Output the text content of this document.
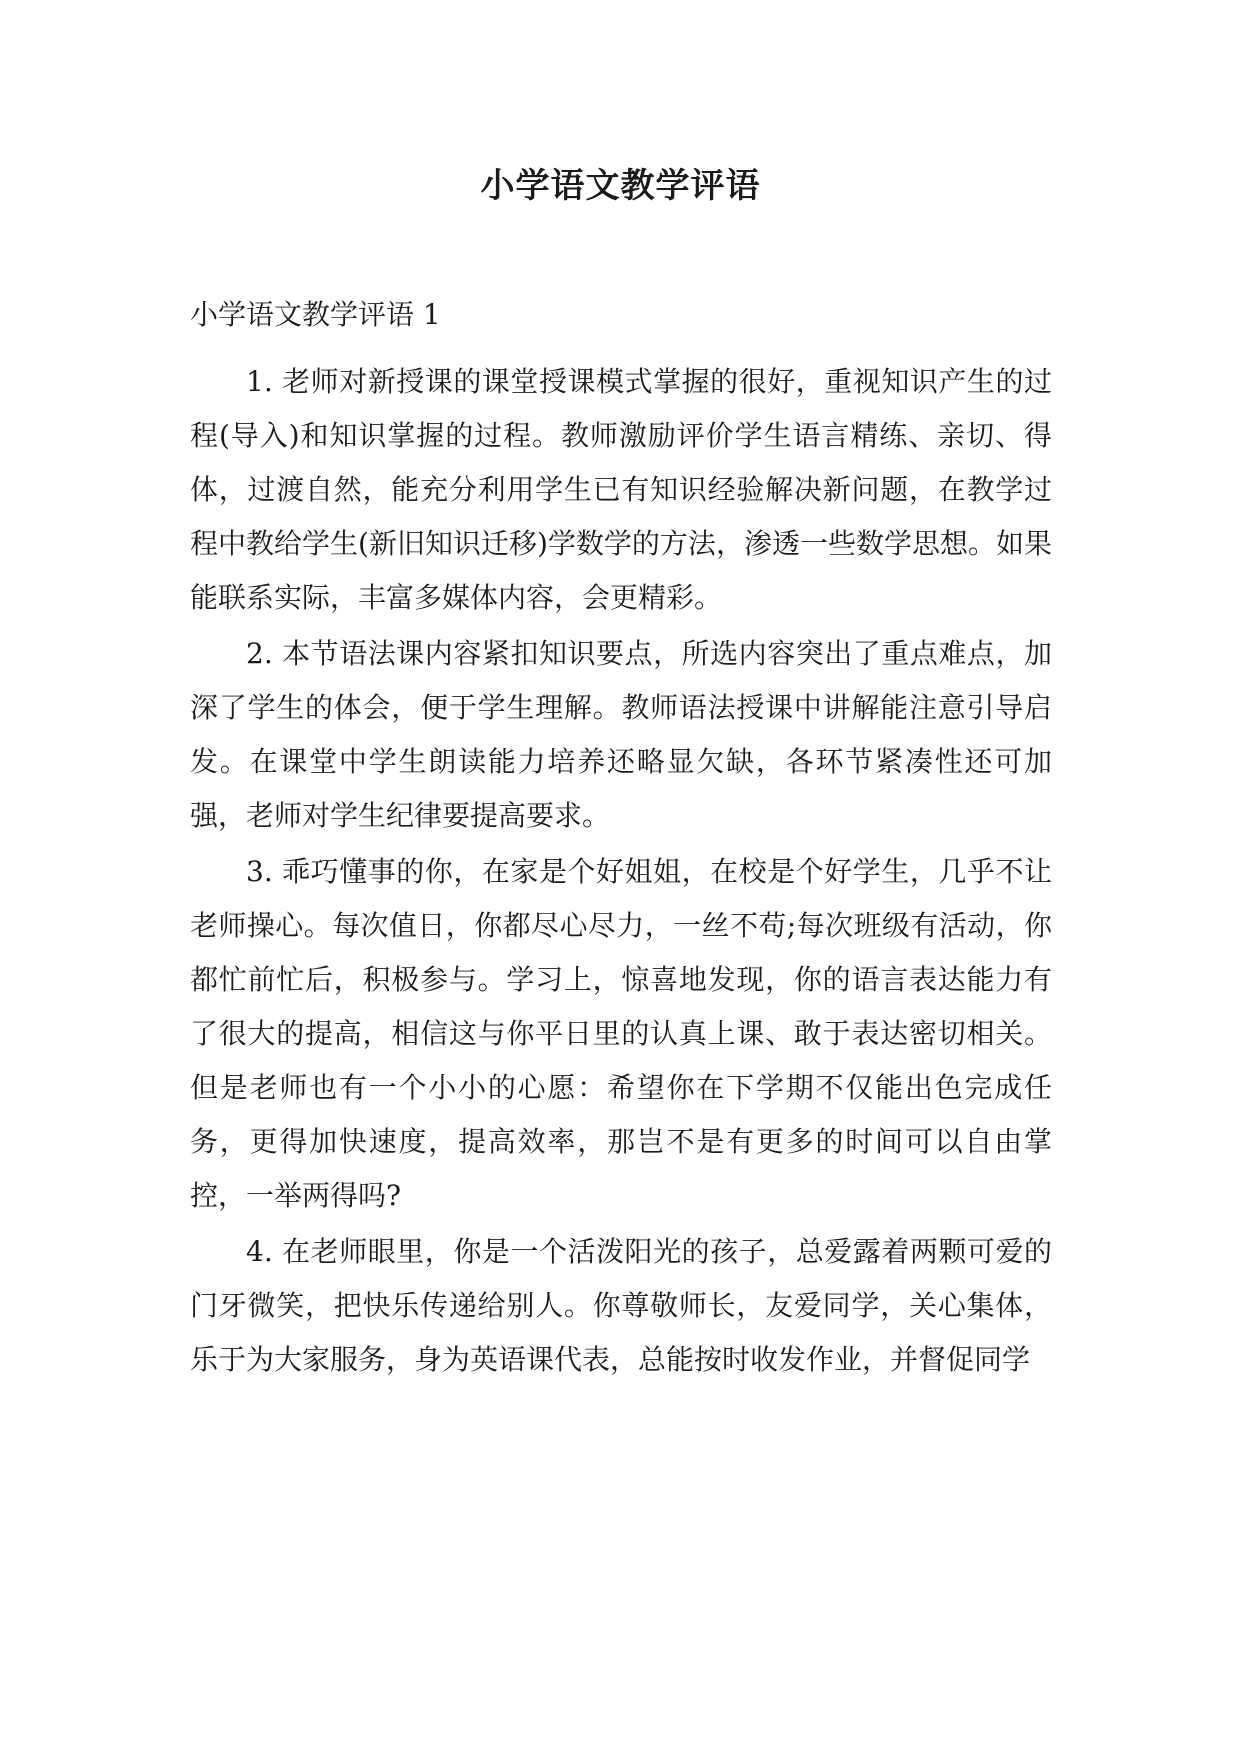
小学语文教学评语
小学语文教学评语 1

1. 老师对新授课的课堂授课模式掌握的很好，重视知识产生的过程(导入)和知识掌握的过程。教师激励评价学生语言精练、亲切、得体，过渡自然，能充分利用学生已有知识经验解决新问题，在教学过程中教给学生(新旧知识迁移)学数学的方法，渗透一些数学思想。如果能联系实际，丰富多媒体内容，会更精彩。

2. 本节语法课内容紧扣知识要点，所选内容突出了重点难点，加深了学生的体会，便于学生理解。教师语法授课中讲解能注意引导启发。在课堂中学生朗读能力培养还略显欠缺，各环节紧凑性还可加强，老师对学生纪律要提高要求。

3. 乖巧懂事的你，在家是个好姐姐，在校是个好学生，几乎不让老师操心。每次值日，你都尽心尽力，一丝不苟;每次班级有活动，你都忙前忙后，积极参与。学习上，惊喜地发现，你的语言表达能力有了很大的提高，相信这与你平日里的认真上课、敢于表达密切相关。但是老师也有一个小小的心愿：希望你在下学期不仅能出色完成任务，更得加快速度，提高效率，那岂不是有更多的时间可以自由掌控，一举两得吗?

4. 在老师眼里，你是一个活泼阳光的孩子，总爱露着两颗可爱的门牙微笑，把快乐传递给别人。你尊敬师长，友爱同学，关心集体，乐于为大家服务，身为英语课代表，总能按时收发作业，并督促同学
